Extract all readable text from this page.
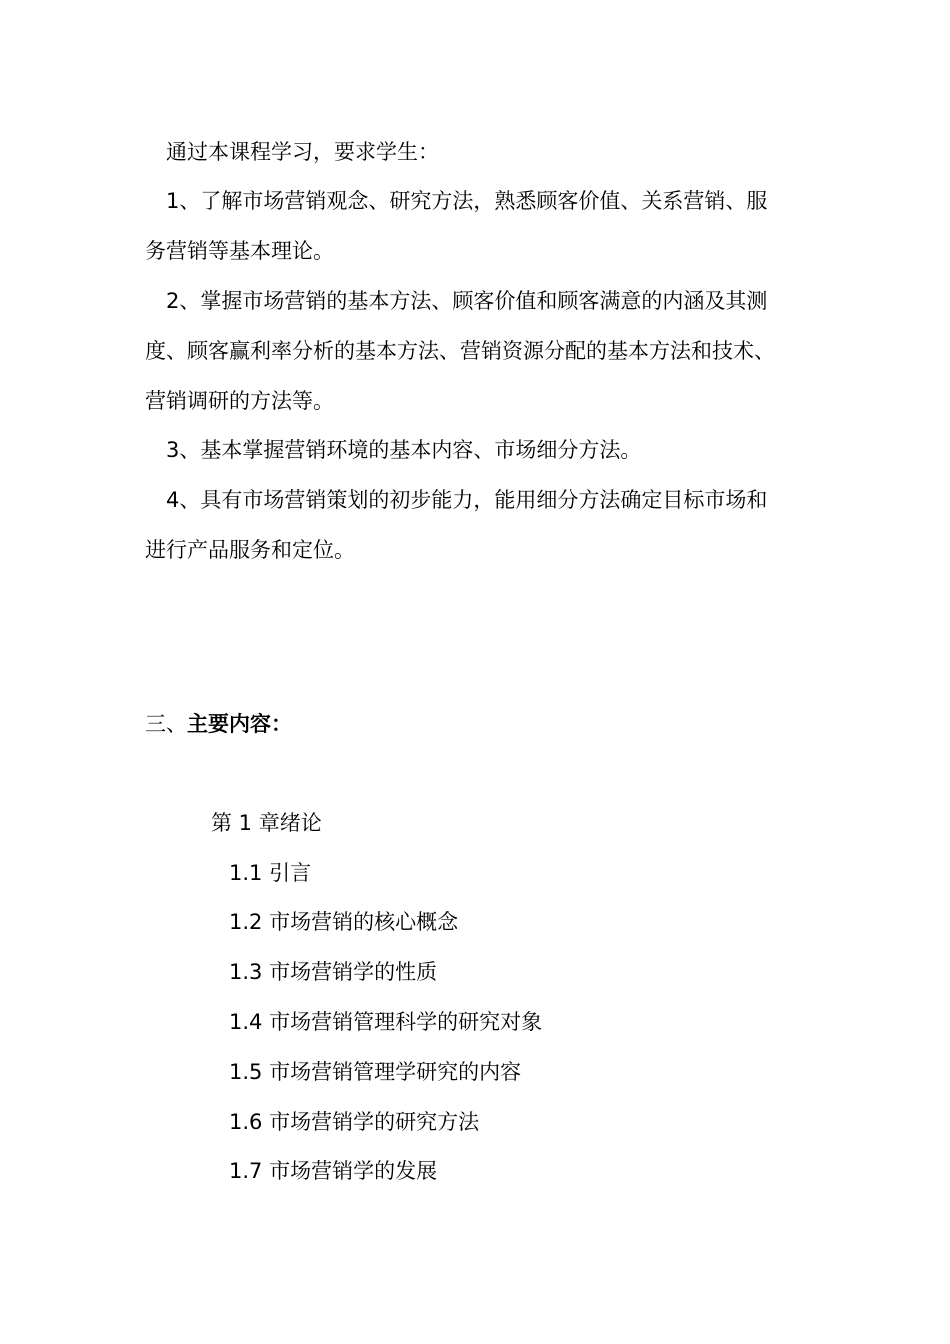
通过本课程学习，要求学生：
1、了解市场营销观念、研究方法，熟悉顾客价值、关系营销、服
务营销等基本理论。
2、掌握市场营销的基本方法、顾客价值和顾客满意的内涵及其测
度、顾客赢利率分析的基本方法、营销资源分配的基本方法和技术、
营销调研的方法等。
3、基本掌握营销环境的基本内容、市场细分方法。
4、具有市场营销策划的初步能力，能用细分方法确定目标市场和
进行产品服务和定位。
三、主要内容：
第 1 章绪论
1.1 引言
1.2 市场营销的核心概念
1.3 市场营销学的性质
1.4 市场营销管理科学的研究对象
1.5 市场营销管理学研究的内容
1.6 市场营销学的研究方法
1.7 市场营销学的发展
